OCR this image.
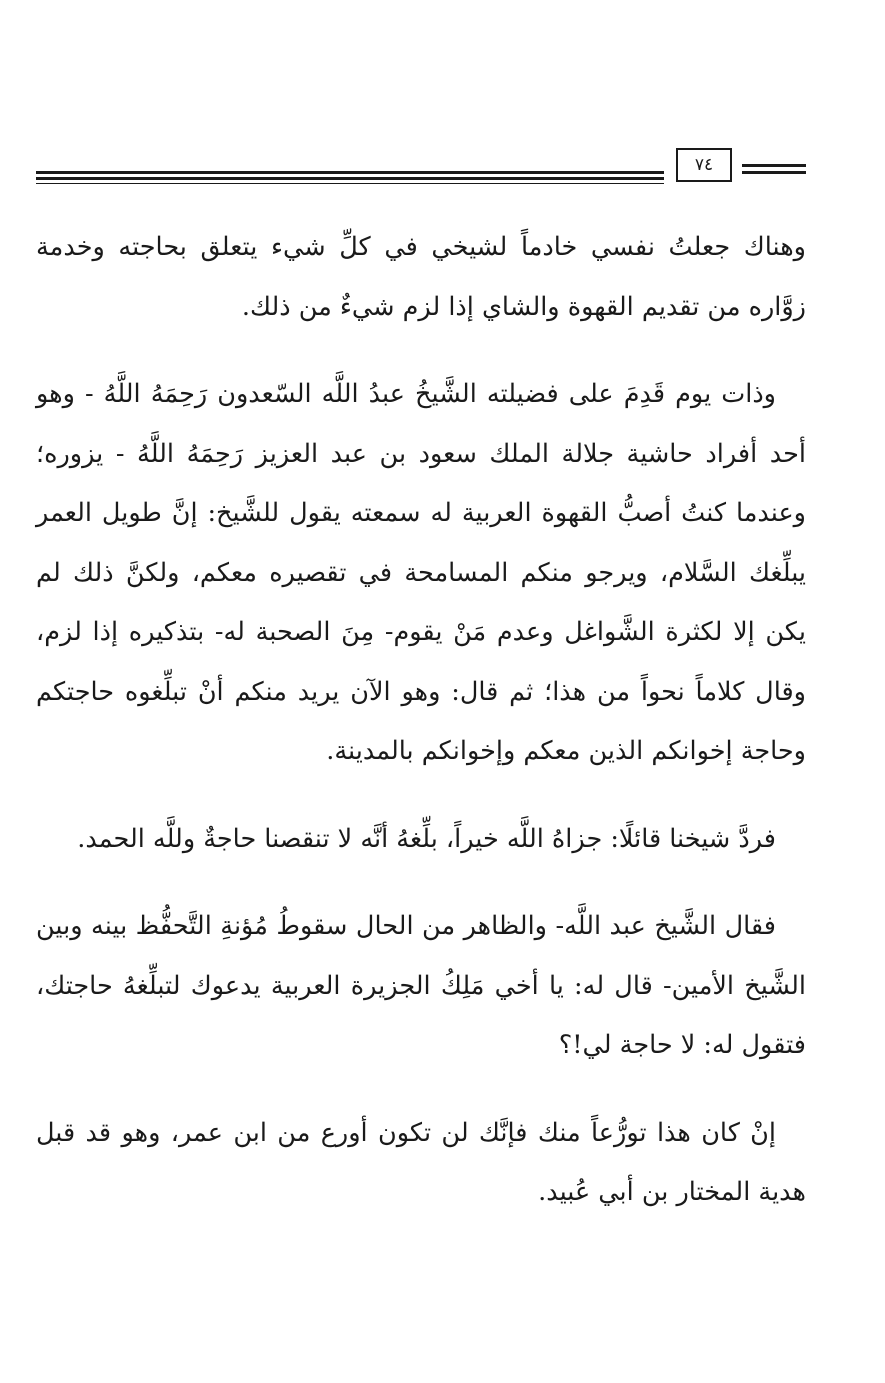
٧٤

وهناك جعلتُ نفسي خادماً لشيخي في كلِّ شيء يتعلق بحاجته وخدمة زوَّاره من تقديم القهوة والشاي إذا لزم شيءٌ من ذلك.

وذات يوم قَدِمَ على فضيلته الشَّيخُ عبدُ اللَّه السّعدون رَحِمَهُ اللَّهُ - وهو أحد أفراد حاشية جلالة الملك سعود بن عبد العزيز رَحِمَهُ اللَّهُ - يزوره؛ وعندما كنتُ أصبُّ القهوة العربية له سمعته يقول للشَّيخ: إنَّ طويل العمر يبلِّغك السَّلام، ويرجو منكم المسامحة في تقصيره معكم، ولكنَّ ذلك لم يكن إلا لكثرة الشَّواغل وعدم مَنْ يقوم- مِنَ الصحبة له- بتذكيره إذا لزم، وقال كلاماً نحواً من هذا؛ ثم قال: وهو الآن يريد منكم أنْ تبلِّغوه حاجتكم وحاجة إخوانكم الذين معكم وإخوانكم بالمدينة.

فردَّ شيخنا قائلًا: جزاهُ اللَّه خيراً، بلِّغهُ أنَّه لا تنقصنا حاجةٌ وللَّه الحمد.

فقال الشَّيخ عبد اللَّه- والظاهر من الحال سقوطُ مُؤنةِ التَّحفُّظ بينه وبين الشَّيخ الأمين- قال له: يا أخي مَلِكُ الجزيرة العربية يدعوك لتبلِّغهُ حاجتك، فتقول له: لا حاجة لي!؟

إنْ كان هذا تورُّعاً منك فإنَّك لن تكون أورع من ابن عمر، وهو قد قبل هدية المختار بن أبي عُبيد.
